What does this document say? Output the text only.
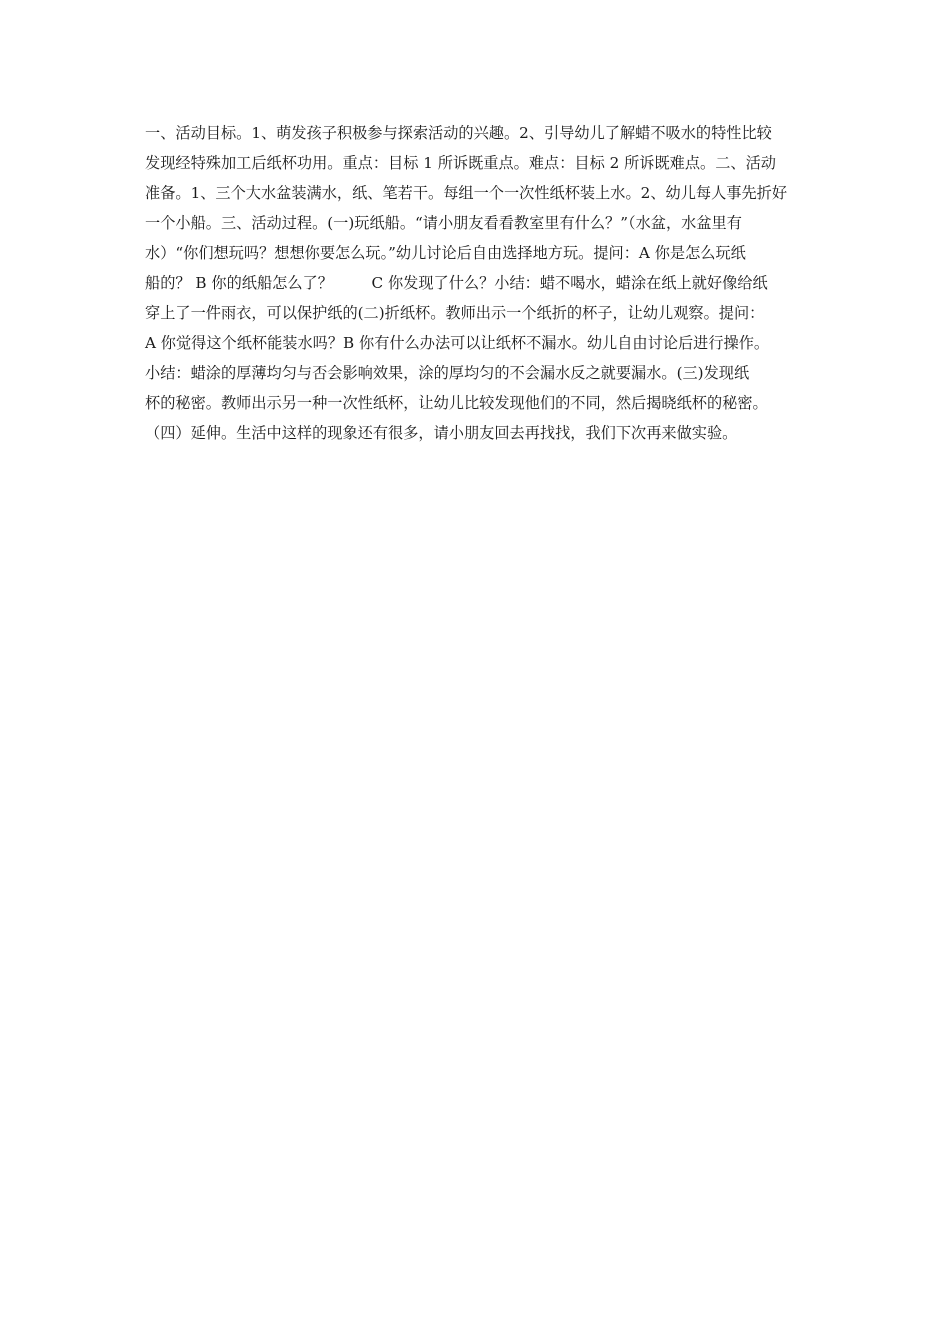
一、活动目标。1、萌发孩子积极参与探索活动的兴趣。2、引导幼儿了解蜡不吸水的特性比较
发现经特殊加工后纸杯功用。重点：目标 1 所诉既重点。难点：目标 2 所诉既难点。二、活动
准备。1、三个大水盆装满水，纸、笔若干。每组一个一次性纸杯装上水。2、幼儿每人事先折好
一个小船。三、活动过程。(一)玩纸船。“请小朋友看看教室里有什么？”（水盆，水盆里有
水）“你们想玩吗？想想你要怎么玩。”幼儿讨论后自由选择地方玩。提问：A 你是怎么玩纸
船的？ B 你的纸船怎么了？        C 你发现了什么？小结：蜡不喝水，蜡涂在纸上就好像给纸
穿上了一件雨衣，可以保护纸的(二)折纸杯。教师出示一个纸折的杯子，让幼儿观察。提问：
A 你觉得这个纸杯能装水吗？B 你有什么办法可以让纸杯不漏水。幼儿自由讨论后进行操作。
小结：蜡涂的厚薄均匀与否会影响效果，涂的厚均匀的不会漏水反之就要漏水。(三)发现纸
杯的秘密。教师出示另一种一次性纸杯，让幼儿比较发现他们的不同，然后揭晓纸杯的秘密。
（四）延伸。生活中这样的现象还有很多，请小朋友回去再找找，我们下次再来做实验。
